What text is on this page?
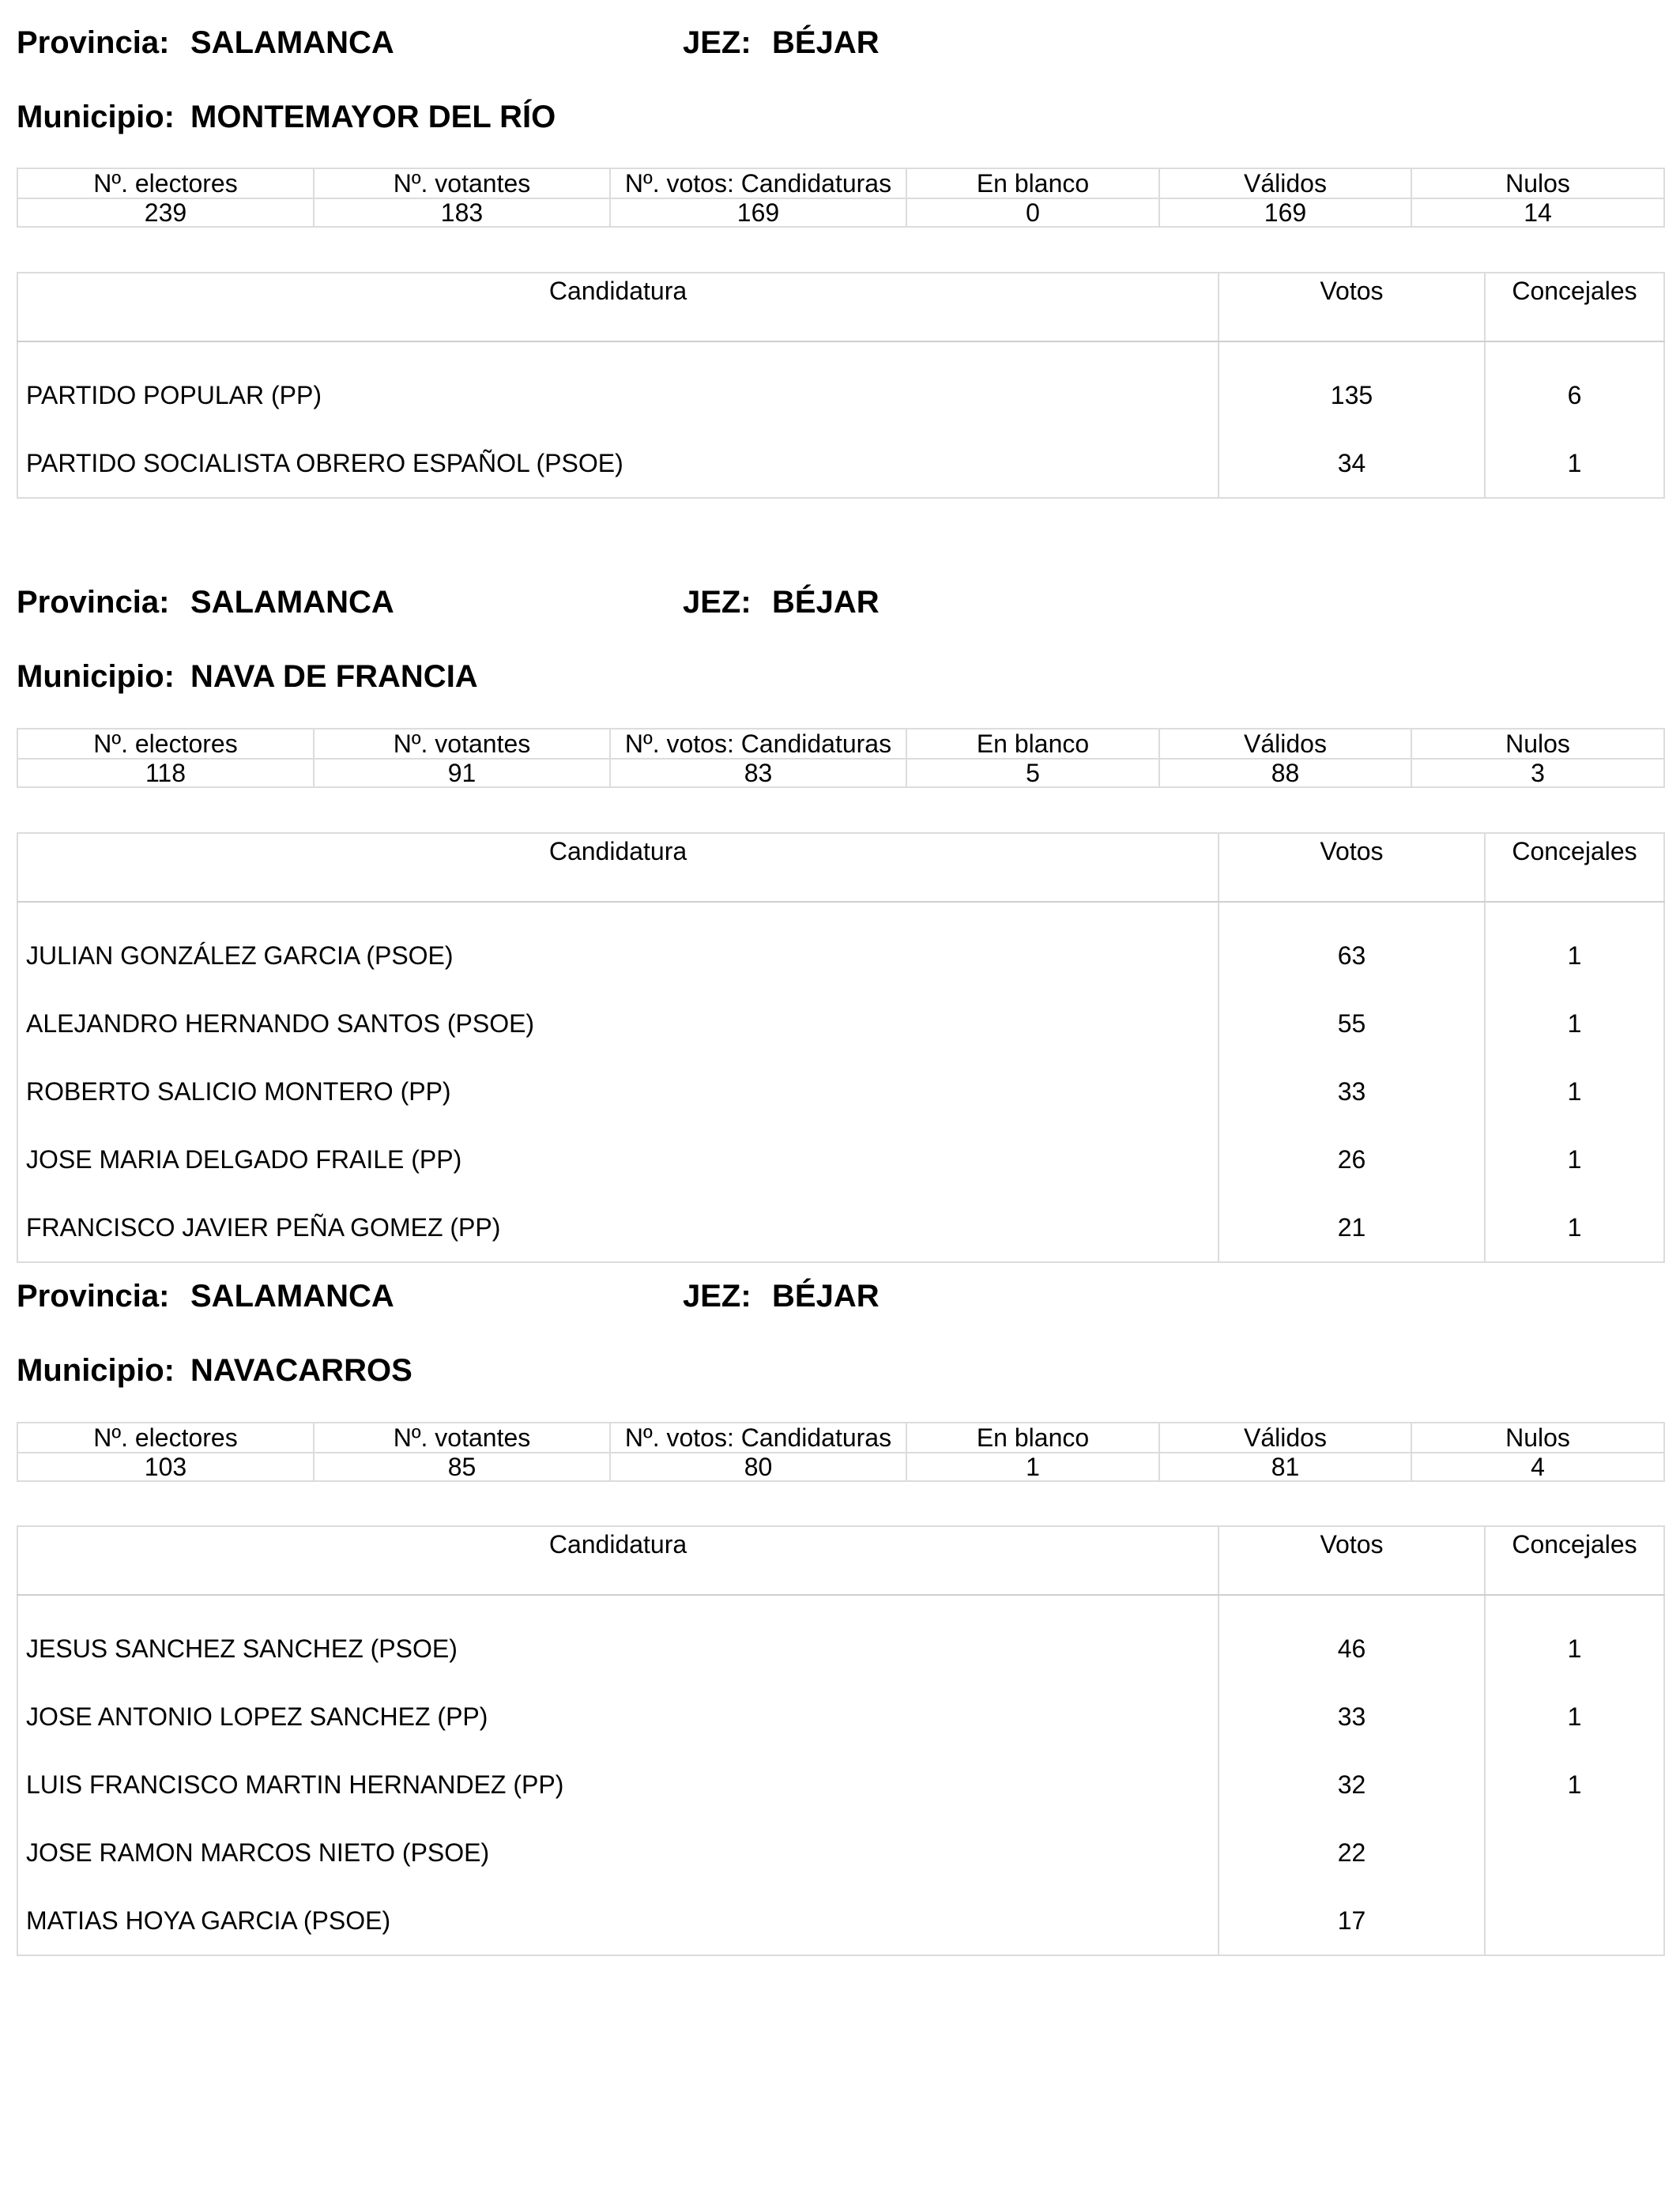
Provincia: SALAMANCA	JEZ: BÉJAR
Municipio: MONTEMAYOR DEL RÍO
Nº. electores	Nº. votantes	Nº. votos: Candidaturas	En blanco	Válidos	Nulos
239	183	169	0	169	14
Candidatura	Votos	Concejales
PARTIDO POPULAR (PP)	135	6
PARTIDO SOCIALISTA OBRERO ESPAÑOL (PSOE)	34	1
Provincia: SALAMANCA	JEZ: BÉJAR
Municipio: NAVA DE FRANCIA
Nº. electores	Nº. votantes	Nº. votos: Candidaturas	En blanco	Válidos	Nulos
118	91	83	5	88	3
Candidatura	Votos	Concejales
JULIAN GONZÁLEZ GARCIA (PSOE)	63	1
ALEJANDRO HERNANDO SANTOS (PSOE)	55	1
ROBERTO SALICIO MONTERO (PP)	33	1
JOSE MARIA DELGADO FRAILE (PP)	26	1
FRANCISCO JAVIER PEÑA GOMEZ (PP)	21	1
Provincia: SALAMANCA	JEZ: BÉJAR
Municipio: NAVACARROS
Nº. electores	Nº. votantes	Nº. votos: Candidaturas	En blanco	Válidos	Nulos
103	85	80	1	81	4
Candidatura	Votos	Concejales
JESUS SANCHEZ SANCHEZ (PSOE)	46	1
JOSE ANTONIO LOPEZ SANCHEZ (PP)	33	1
LUIS FRANCISCO MARTIN HERNANDEZ (PP)	32	1
JOSE RAMON MARCOS NIETO (PSOE)	22	
MATIAS HOYA GARCIA (PSOE)	17	
